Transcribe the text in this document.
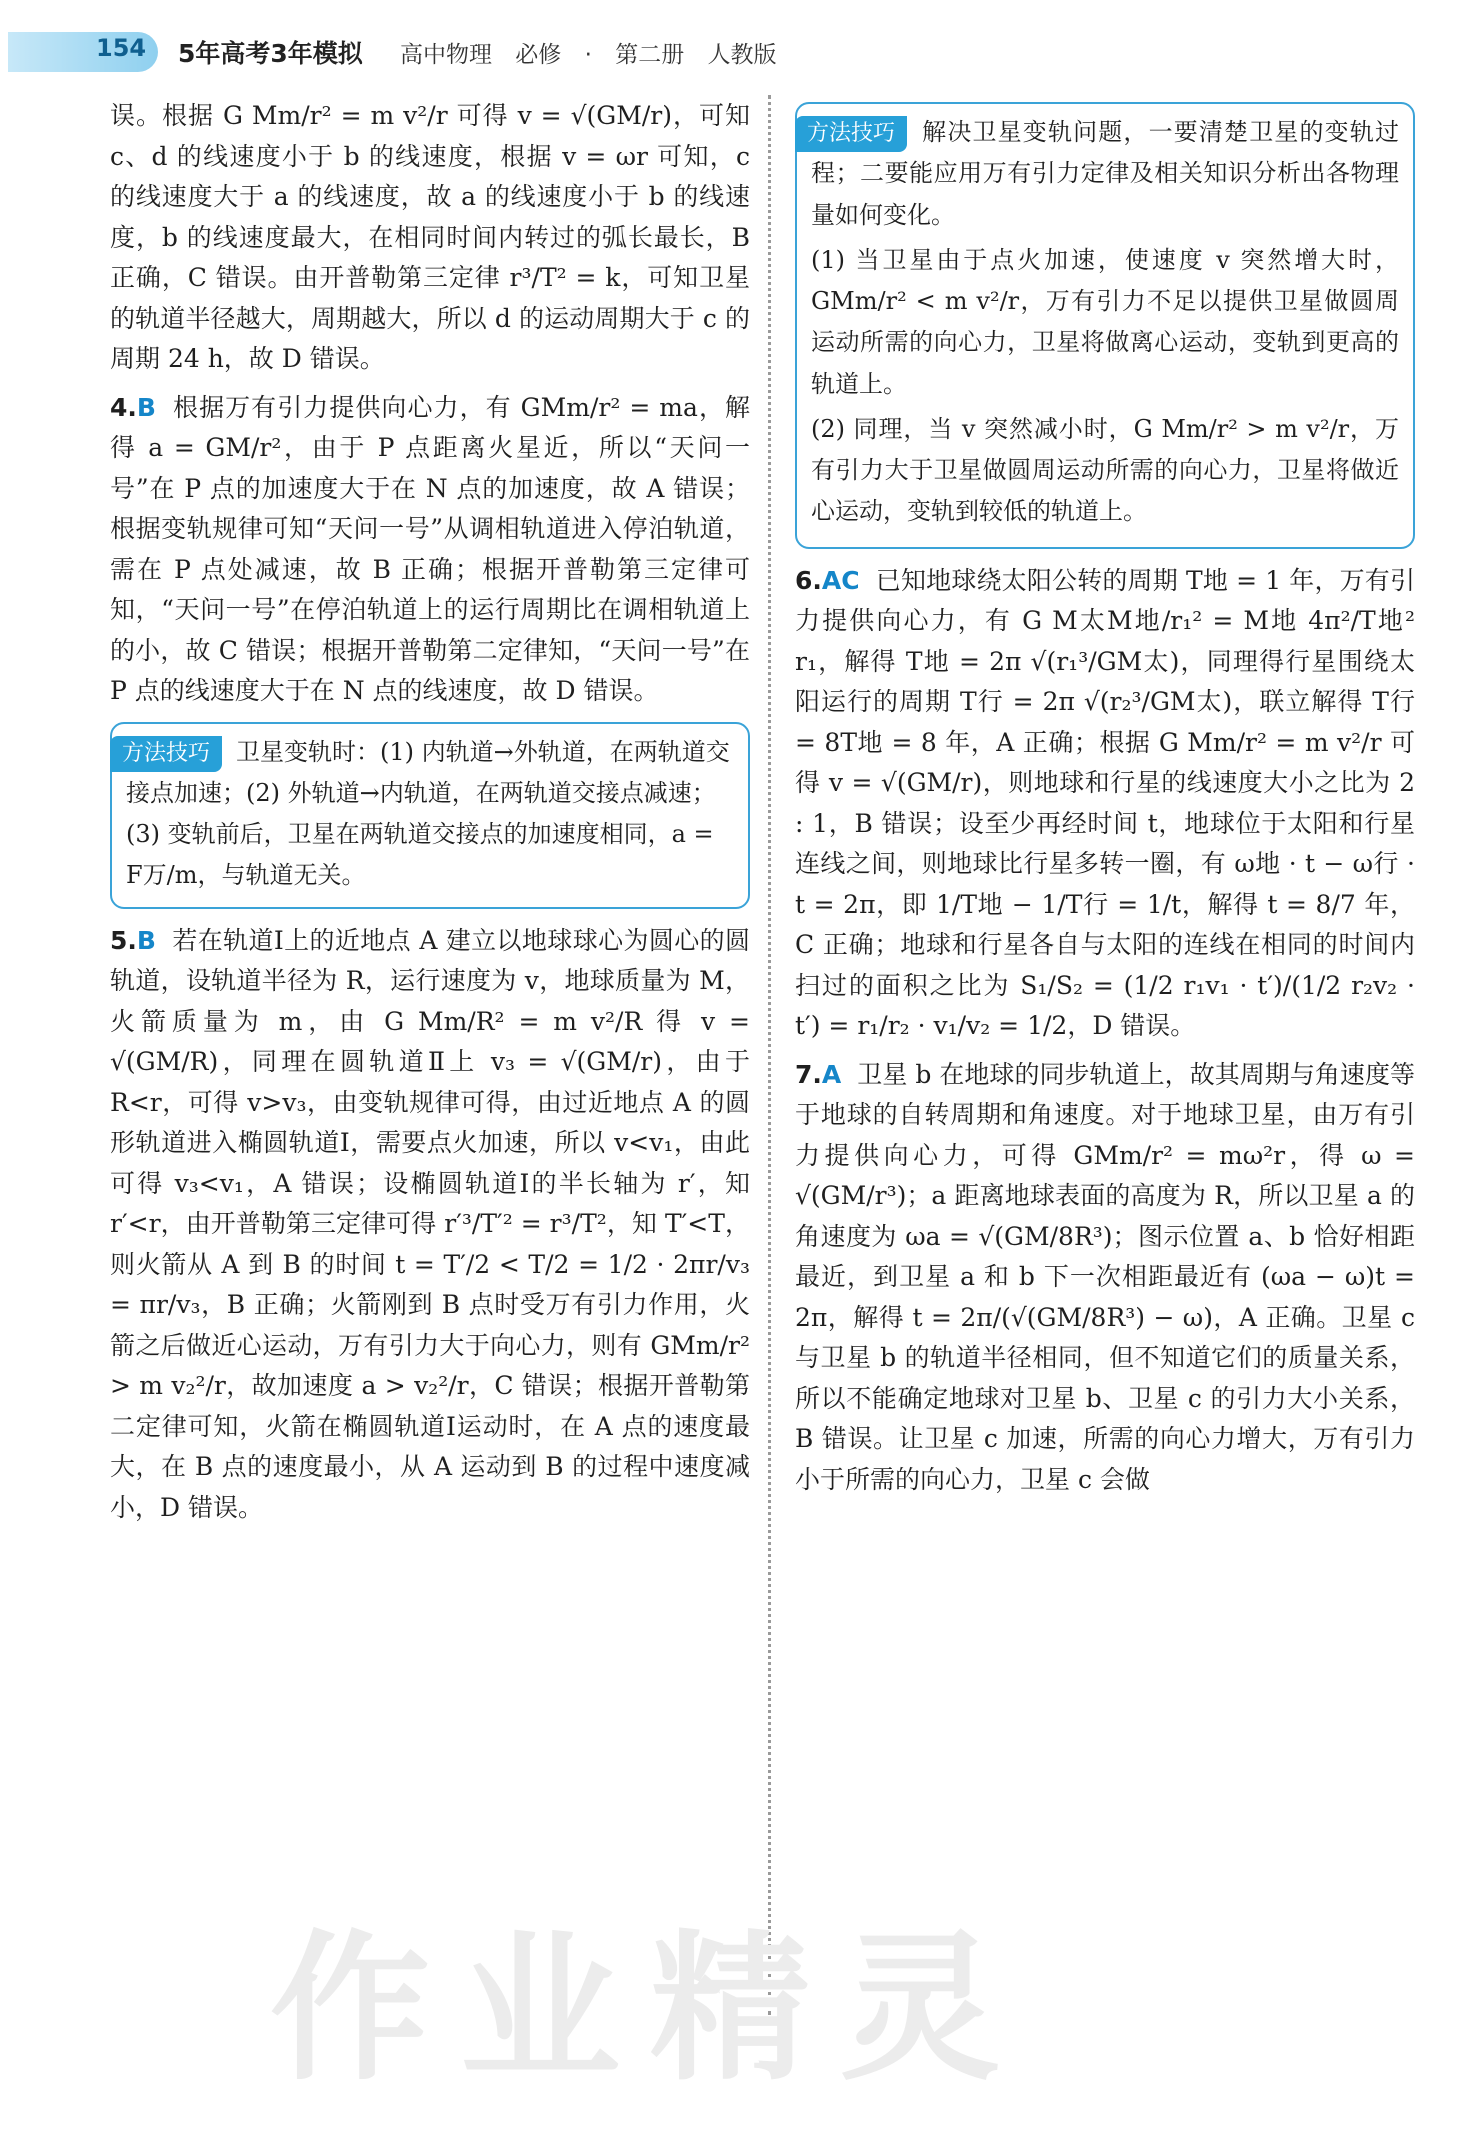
154 5年高考3年模拟 高中物理 必修 · 第二册 人教版

误。根据 G Mm/r² = m v²/r 可得 v = √(GM/r)，可知 c、d 的线速度小于 b 的线速度，根据 v = ωr 可知，c 的线速度大于 a 的线速度，故 a 的线速度小于 b 的线速度，b 的线速度最大，在相同时间内转过的弧长最长，B 正确，C 错误。由开普勒第三定律 r³/T² = k，可知卫星的轨道半径越大，周期越大，所以 d 的运动周期大于 c 的周期 24 h，故 D 错误。

4.B 根据万有引力提供向心力，有 GMm/r² = ma，解得 a = GM/r²，由于 P 点距离火星近，所以“天问一号”在 P 点的加速度大于在 N 点的加速度，故 A 错误；根据变轨规律可知“天问一号”从调相轨道进入停泊轨道，需在 P 点处减速，故 B 正确；根据开普勒第三定律可知，“天问一号”在停泊轨道上的运行周期比在调相轨道上的小，故 C 错误；根据开普勒第二定律知，“天问一号”在 P 点的线速度大于在 N 点的线速度，故 D 错误。

方法技巧 卫星变轨时：(1) 内轨道→外轨道，在两轨道交接点加速；(2) 外轨道→内轨道，在两轨道交接点减速；(3) 变轨前后，卫星在两轨道交接点的加速度相同，a = F万/m，与轨道无关。

5.B 若在轨道Ⅰ上的近地点 A 建立以地球球心为圆心的圆轨道，设轨道半径为 R，运行速度为 v，地球质量为 M，火箭质量为 m，由 G Mm/R² = m v²/R 得 v = √(GM/R)，同理在圆轨道Ⅱ上 v₃ = √(GM/r)，由于 R<r，可得 v>v₃，由变轨规律可得，由过近地点 A 的圆形轨道进入椭圆轨道Ⅰ，需要点火加速，所以 v<v₁，由此可得 v₃<v₁，A 错误；设椭圆轨道Ⅰ的半长轴为 r′，知 r′<r，由开普勒第三定律可得 r′³/T′² = r³/T²，知 T′<T，则火箭从 A 到 B 的时间 t = T′/2 < T/2 = 1/2 · 2πr/v₃ = πr/v₃，B 正确；火箭刚到 B 点时受万有引力作用，火箭之后做近心运动，万有引力大于向心力，则有 GMm/r² > m v₂²/r，故加速度 a > v₂²/r，C 错误；根据开普勒第二定律可知，火箭在椭圆轨道Ⅰ运动时，在 A 点的速度最大，在 B 点的速度最小，从 A 运动到 B 的过程中速度减小，D 错误。

方法技巧 解决卫星变轨问题，一要清楚卫星的变轨过程；二要能应用万有引力定律及相关知识分析出各物理量如何变化。

(1) 当卫星由于点火加速，使速度 v 突然增大时，GMm/r² < m v²/r，万有引力不足以提供卫星做圆周运动所需的向心力，卫星将做离心运动，变轨到更高的轨道上。

(2) 同理，当 v 突然减小时，G Mm/r² > m v²/r，万有引力大于卫星做圆周运动所需的向心力，卫星将做近心运动，变轨到较低的轨道上。

6.AC 已知地球绕太阳公转的周期 T地 = 1 年，万有引力提供向心力，有 G M太M地/r₁² = M地 4π²/T地² r₁，解得 T地 = 2π √(r₁³/GM太)，同理得行星围绕太阳运行的周期 T行 = 2π √(r₂³/GM太)，联立解得 T行 = 8T地 = 8 年，A 正确；根据 G Mm/r² = m v²/r 可得 v = √(GM/r)，则地球和行星的线速度大小之比为 2 : 1，B 错误；设至少再经时间 t，地球位于太阳和行星连线之间，则地球比行星多转一圈，有 ω地 · t − ω行 · t = 2π，即 1/T地 − 1/T行 = 1/t，解得 t = 8/7 年，C 正确；地球和行星各自与太阳的连线在相同的时间内扫过的面积之比为 S₁/S₂ = (1/2 r₁v₁ · t′)/(1/2 r₂v₂ · t′) = r₁/r₂ · v₁/v₂ = 1/2，D 错误。

7.A 卫星 b 在地球的同步轨道上，故其周期与角速度等于地球的自转周期和角速度。对于地球卫星，由万有引力提供向心力，可得 GMm/r² = mω²r，得 ω = √(GM/r³)；a 距离地球表面的高度为 R，所以卫星 a 的角速度为 ωa = √(GM/8R³)；图示位置 a、b 恰好相距最近，到卫星 a 和 b 下一次相距最近有 (ωa − ω)t = 2π，解得 t = 2π/(√(GM/8R³) − ω)，A 正确。卫星 c 与卫星 b 的轨道半径相同，但不知道它们的质量关系，所以不能确定地球对卫星 b、卫星 c 的引力大小关系，B 错误。让卫星 c 加速，所需的向心力增大，万有引力小于所需的向心力，卫星 c 会做

作业精灵
